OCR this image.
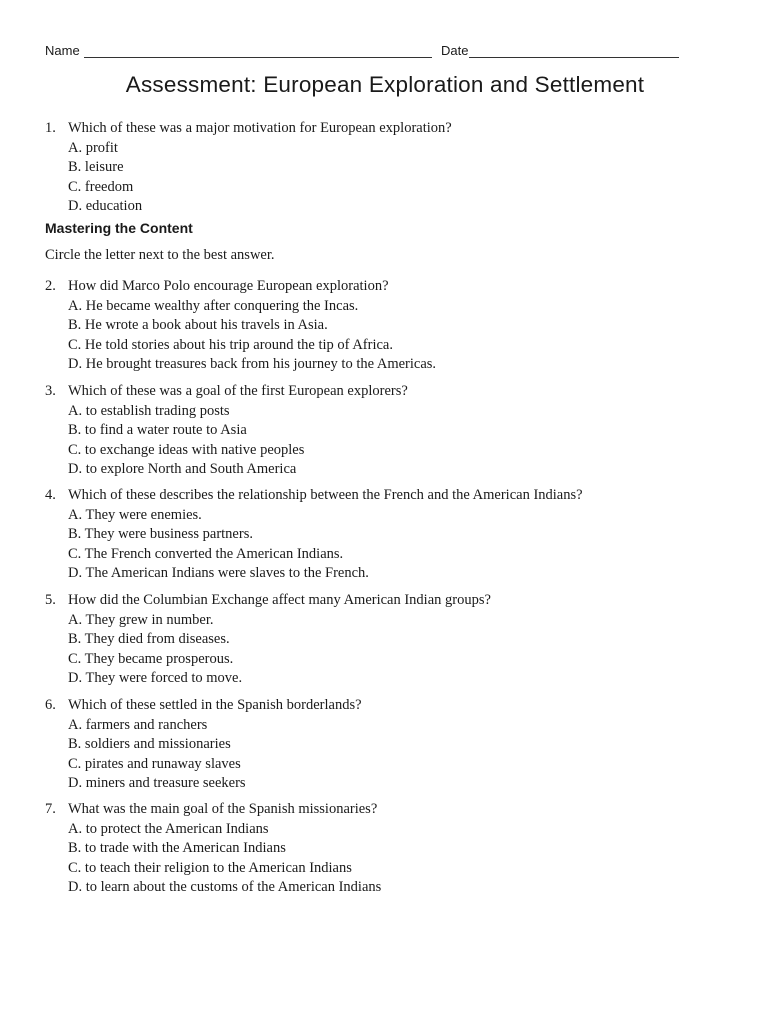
Name	Date
Assessment: European Exploration and Settlement
1. Which of these was a major motivation for European exploration?
A. profit
B. leisure
C. freedom
D. education
Mastering the Content
Circle the letter next to the best answer.
2. How did Marco Polo encourage European exploration?
A. He became wealthy after conquering the Incas.
B. He wrote a book about his travels in Asia.
C. He told stories about his trip around the tip of Africa.
D. He brought treasures back from his journey to the Americas.
3. Which of these was a goal of the first European explorers?
A. to establish trading posts
B. to find a water route to Asia
C. to exchange ideas with native peoples
D. to explore North and South America
4. Which of these describes the relationship between the French and the American Indians?
A. They were enemies.
B. They were business partners.
C. The French converted the American Indians.
D. The American Indians were slaves to the French.
5. How did the Columbian Exchange affect many American Indian groups?
A. They grew in number.
B. They died from diseases.
C. They became prosperous.
D. They were forced to move.
6. Which of these settled in the Spanish borderlands?
A. farmers and ranchers
B. soldiers and missionaries
C. pirates and runaway slaves
D. miners and treasure seekers
7. What was the main goal of the Spanish missionaries?
A. to protect the American Indians
B. to trade with the American Indians
C. to teach their religion to the American Indians
D. to learn about the customs of the American Indians
